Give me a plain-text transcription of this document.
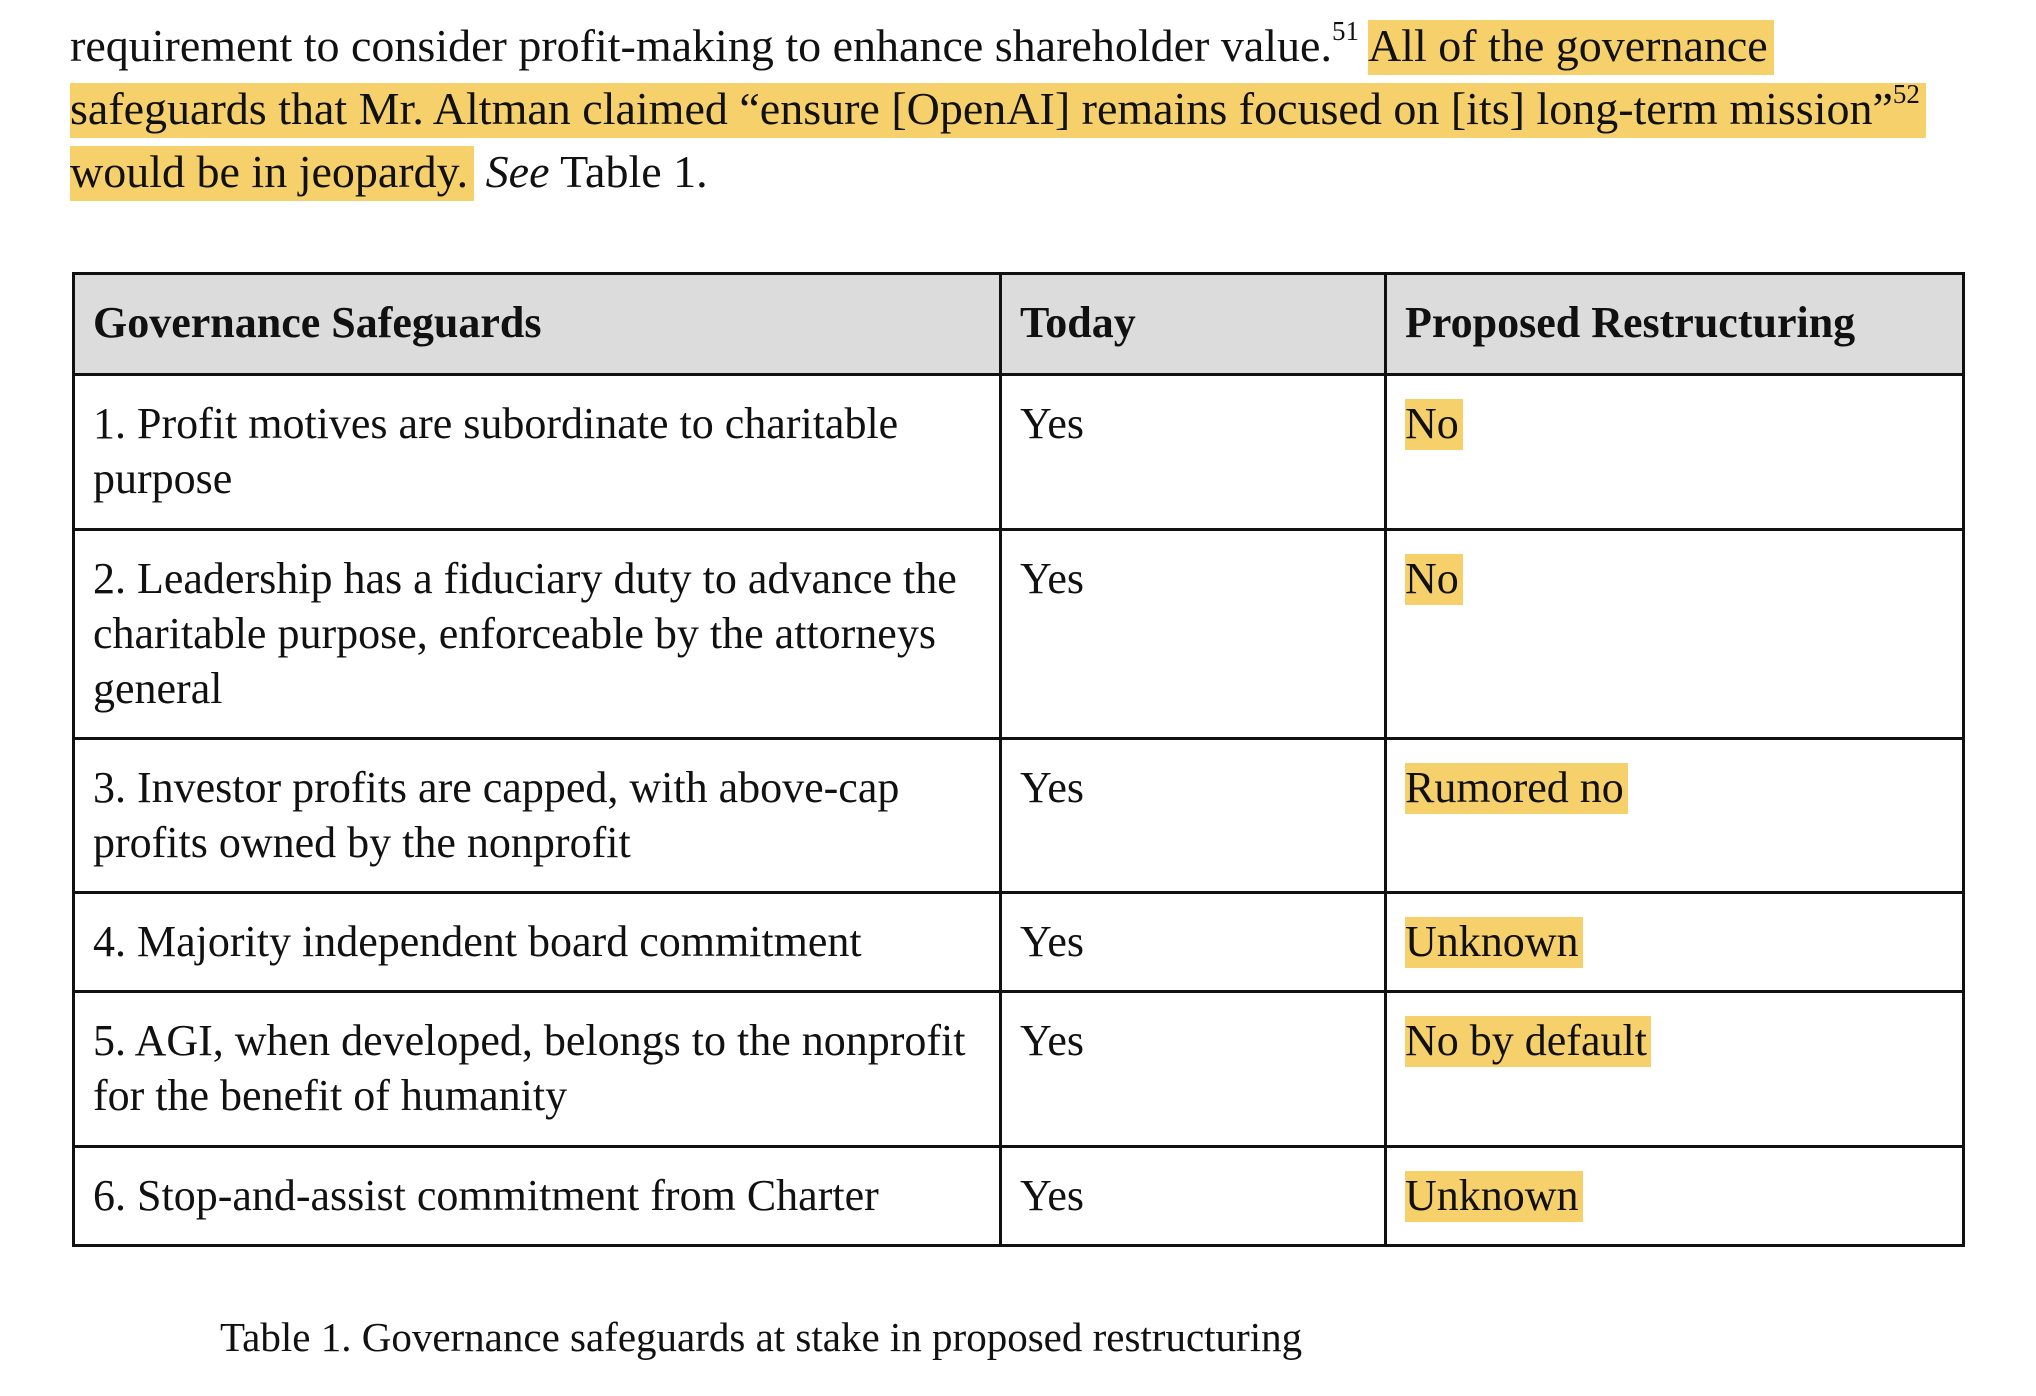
requirement to consider profit-making to enhance shareholder value.$^{51}$ All of the governance safeguards that Mr. Altman claimed “ensure [OpenAI] remains focused on [its] long-term mission”$^{52}$ would be in jeopardy. See Table 1.

Governance Safeguards	Today	Proposed Restructuring
1. Profit motives are subordinate to charitable purpose	Yes	No
2. Leadership has a fiduciary duty to advance the charitable purpose, enforceable by the attorneys general	Yes	No
3. Investor profits are capped, with above-cap profits owned by the nonprofit	Yes	Rumored no
4. Majority independent board commitment	Yes	Unknown
5. AGI, when developed, belongs to the nonprofit for the benefit of humanity	Yes	No by default
6. Stop-and-assist commitment from Charter	Yes	Unknown

Table 1. Governance safeguards at stake in proposed restructuring
